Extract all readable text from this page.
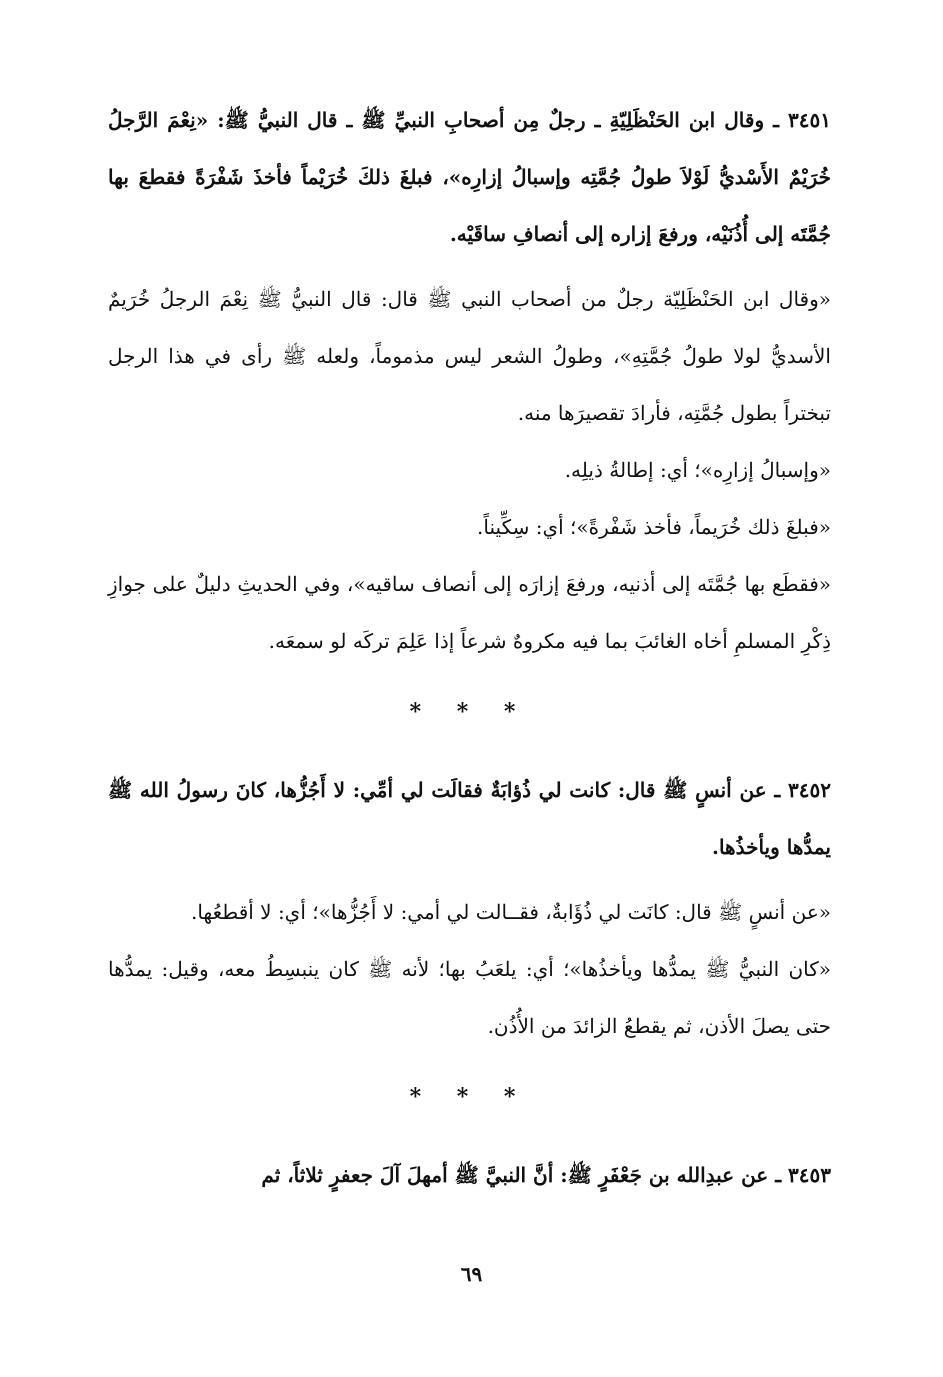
٣٤٥١ ـ وقال ابن الحَنْظَلِيّةِ ـ رجلٌ مِن أصحابِ النبيِّ ﷺ ـ قال النبيُّ ﷺ: «نِعْمَ الرَّجلُ خُرَيْمٌ الأَسْديُّ لَوْلاَ طولُ جُمَّتِه وإسبالُ إزارِه»، فبلغَ ذلكَ خُرَيْماً فأخذَ شَفْرَةً فقطعَ بها جُمَّتَه إلى أُذُنَيْه، ورفعَ إزاره إلى أنصافِ ساقَيْه.

«وقال ابن الحَنْظَلِيّة رجلٌ من أصحاب النبي ﷺ قال: قال النبيُّ ﷺ نِعْمَ الرجلُ خُرَيمٌ الأسديُّ لولا طولُ جُمَّتِهِ»، وطولُ الشعر ليس مذموماً، ولعله ﷺ رأى في هذا الرجل تبختراً بطول جُمَّتِه، فأرادَ تقصيرَها منه.

«وإسبالُ إزارِه»؛ أي: إطالةُ ذيلِه.

«فبلغَ ذلك خُرَيماً، فأخذ شَفْرةً»؛ أي: سِكِّيناً.

«فقطَع بها جُمَّتَه إلى أذنيه، ورفعَ إزارَه إلى أنصاف ساقيه»، وفي الحديثِ دليلٌ على جوازِ ذِكْرِ المسلمِ أخاه الغائبَ بما فيه مكروهٌ شرعاً إذا عَلِمَ تركَه لو سمعَه.

* * *

٣٤٥٢ ـ عن أنسٍ ﷺ قال: كانت لي ذُؤابَةٌ فقالَت لي أمِّي: لا أَجُزُّها، كانَ رسولُ الله ﷺ يمدُّها ويأخذُها.

«عن أنسٍ ﷺ قال: كانَت لي ذُؤَابةٌ، فقــالت لي أمي: لا أَجُزُّها»؛ أي: لا أقطعُها.

«كان النبيُّ ﷺ يمدُّها ويأخذُها»؛ أي: يلعَبُ بها؛ لأنه ﷺ كان ينبسِطُ معه، وقيل: يمدُّها حتى يصلَ الأذن، ثم يقطعُ الزائدَ من الأُذُن.

* * *

٣٤٥٣ ـ عن عبدِالله بن جَعْفَرٍ ﷺ: أنَّ النبيَّ ﷺ أمهلَ آلَ جعفرٍ ثلاثاً، ثم

٦٩
